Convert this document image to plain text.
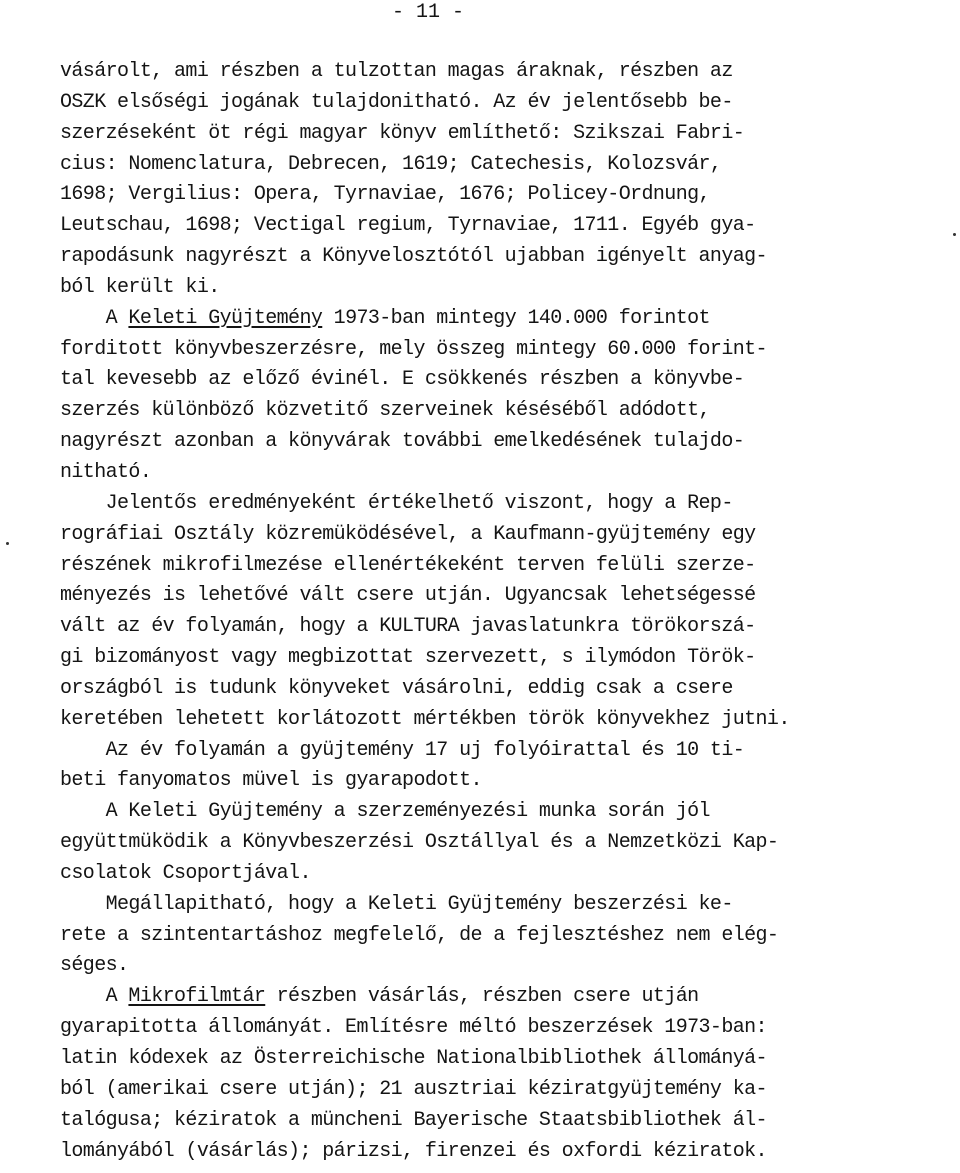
- 11 -
vásárolt, ami részben a tulzottan magas áraknak, részben az
OSZK elsőségi jogának tulajdonitható. Az év jelentősebb be-
szerzéseként öt régi magyar könyv említhető: Szikszai Fabri-
cius: Nomenclatura, Debrecen, 1619; Catechesis, Kolozsvár,
1698; Vergilius: Opera, Tyrnaviae, 1676; Policey-Ordnung,
Leutschau, 1698; Vectigal regium, Tyrnaviae, 1711. Egyéb gya-
rapodásunk nagyrészt a Könyvelosztótól ujabban igényelt anyag-
ból került ki.
A Keleti Gyüjtemény 1973-ban mintegy 140.000 forintot
forditott könyvbeszerzésre, mely összeg mintegy 60.000 forint-
tal kevesebb az előző évinél. E csökkenés részben a könyvbe-
szerzés különböző közvetitő szerveinek késéséből adódott,
nagyrészt azonban a könyvárak további emelkedésének tulajdo-
nitható.
Jelentős eredményeként értékelhető viszont, hogy a Rep-
rográfiai Osztály közremüködésével, a Kaufmann-gyüjtemény egy
részének mikrofilmezése ellenértékeként terven felüli szerze-
ményezés is lehetővé vált csere utján. Ugyancsak lehetségessé
vált az év folyamán, hogy a KULTURA javaslatunkra törökorszá-
gi bizományost vagy megbizottat szervezett, s ilymódon Török-
országból is tudunk könyveket vásárolni, eddig csak a csere
keretében lehetett korlátozott mértékben török könyvekhez jutni.
Az év folyamán a gyüjtemény 17 uj folyóirattal és 10 ti-
beti fanyomatos müvel is gyarapodott.
A Keleti Gyüjtemény a szerzeményezési munka során jól
együttmüködik a Könyvbeszerzési Osztállyal és a Nemzetközi Kap-
csolatok Csoportjával.
Megállapitható, hogy a Keleti Gyüjtemény beszerzési ke-
rete a szintentartáshoz megfelelő, de a fejlesztéshez nem elég-
séges.
A Mikrofilmtár részben vásárlás, részben csere utján
gyarapitotta állományát. Említésre méltó beszerzések 1973-ban:
latin kódexek az Österreichische Nationalbibliothek állományá-
ból (amerikai csere utján); 21 ausztriai kéziratgyüjtemény ka-
talógusa; kéziratok a müncheni Bayerische Staatsbibliothek ál-
lományából (vásárlás); párizsi, firenzei és oxfordi kéziratok.
